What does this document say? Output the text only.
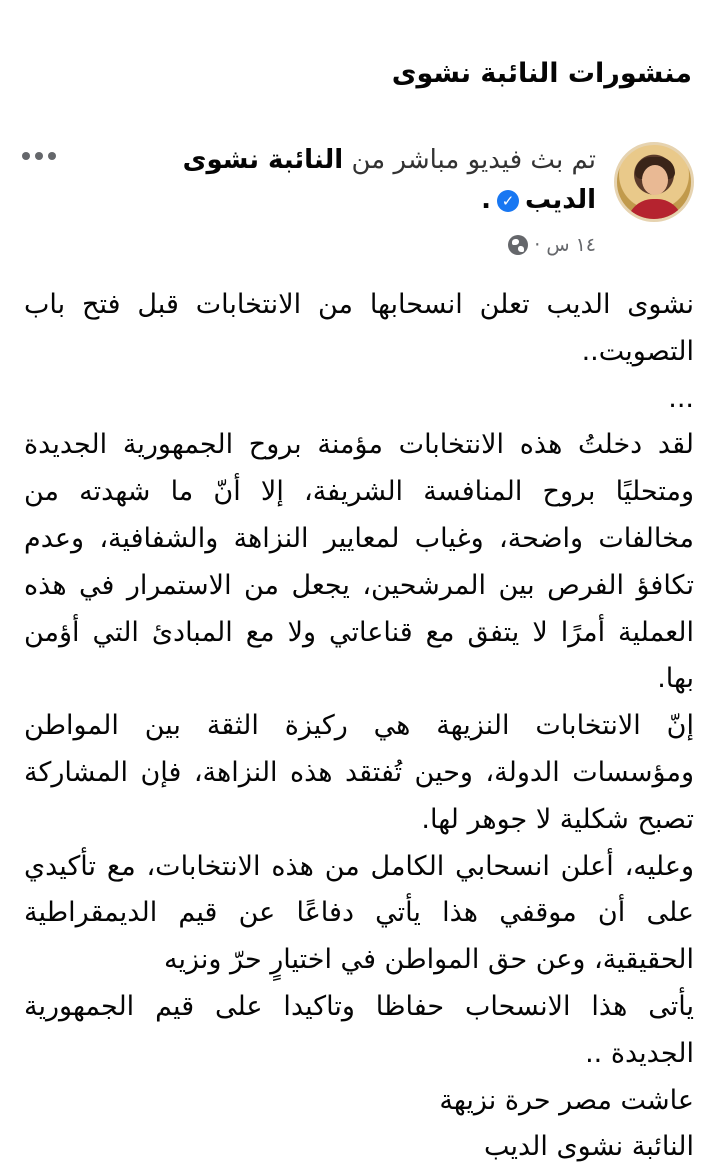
منشورات النائبة نشوى
تم بث فيديو مباشر من النائبة نشوى
الديب✓.
١٤ س
·

نشوى الديب تعلن انسحابها من الانتخابات قبل فتح باب التصويت..

...

لقد دخلتُ هذه الانتخابات مؤمنة بروح الجمهورية الجديدة ومتحليًا بروح المنافسة الشريفة، إلا أنّ ما شهدته من مخالفات واضحة، وغياب لمعايير النزاهة والشفافية، وعدم تكافؤ الفرص بين المرشحين، يجعل من الاستمرار في هذه العملية أمرًا لا يتفق مع قناعاتي ولا مع المبادئ التي أؤمن بها.

إنّ الانتخابات النزيهة هي ركيزة الثقة بين المواطن ومؤسسات الدولة، وحين تُفتقد هذه النزاهة، فإن المشاركة تصبح شكلية لا جوهر لها.

وعليه، أعلن انسحابي الكامل من هذه الانتخابات، مع تأكيدي على أن موقفي هذا يأتي دفاعًا عن قيم الديمقراطية الحقيقية، وعن حق المواطن في اختيارٍ حرّ ونزيه

يأتى هذا الانسحاب حفاظا وتاكيدا على قيم الجمهورية الجديدة ..

عاشت مصر حرة نزيهة

النائبة نشوى الديب
